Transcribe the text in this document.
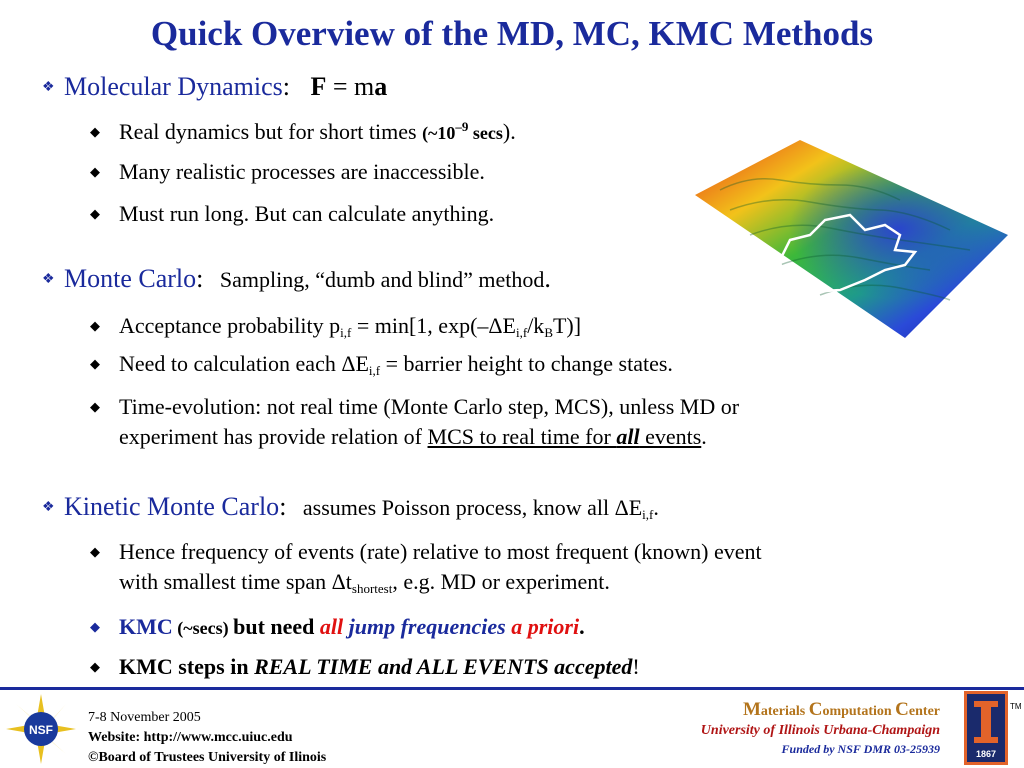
Quick Overview of the MD, MC, KMC Methods
❖ Molecular Dynamics: F = ma
◆ Real dynamics but for short times ($\sim 10^{-9}$ secs).
◆ Many realistic processes are inaccessible.
◆ Must run long. But can calculate anything.
❖ Monte Carlo: Sampling, “dumb and blind” method.
◆ Acceptance probability $p_{i,f} = \min[1$, $\exp(-\Delta E_{i,f}/k_BT)$]
◆ Need to calculation each $\Delta E_{i,f}$ = barrier height to change states.
◆ Time-evolution: not real time (Monte Carlo step, MCS), unless MD or
experiment has provide relation of MCS to real time for all events.
❖ Kinetic Monte Carlo: assumes Poisson process, know all $\Delta E_{i,f}$.
◆ Hence frequency of events (rate) relative to most frequent (known) event
with smallest time span $\Delta t_{shortest}$, e.g. MD or experiment.
◆ KMC (~secs) but need all jump frequencies a priori.
◆ KMC steps in REAL TIME and ALL EVENTS accepted!
NSF
7-8 November 2005
Website: http://www.mcc.uiuc.edu
©Board of Trustees University of Ilinois
Materials Computation Center
University of Illinois Urbana-Champaign
Funded by NSF DMR 03-25939	1867
TM
